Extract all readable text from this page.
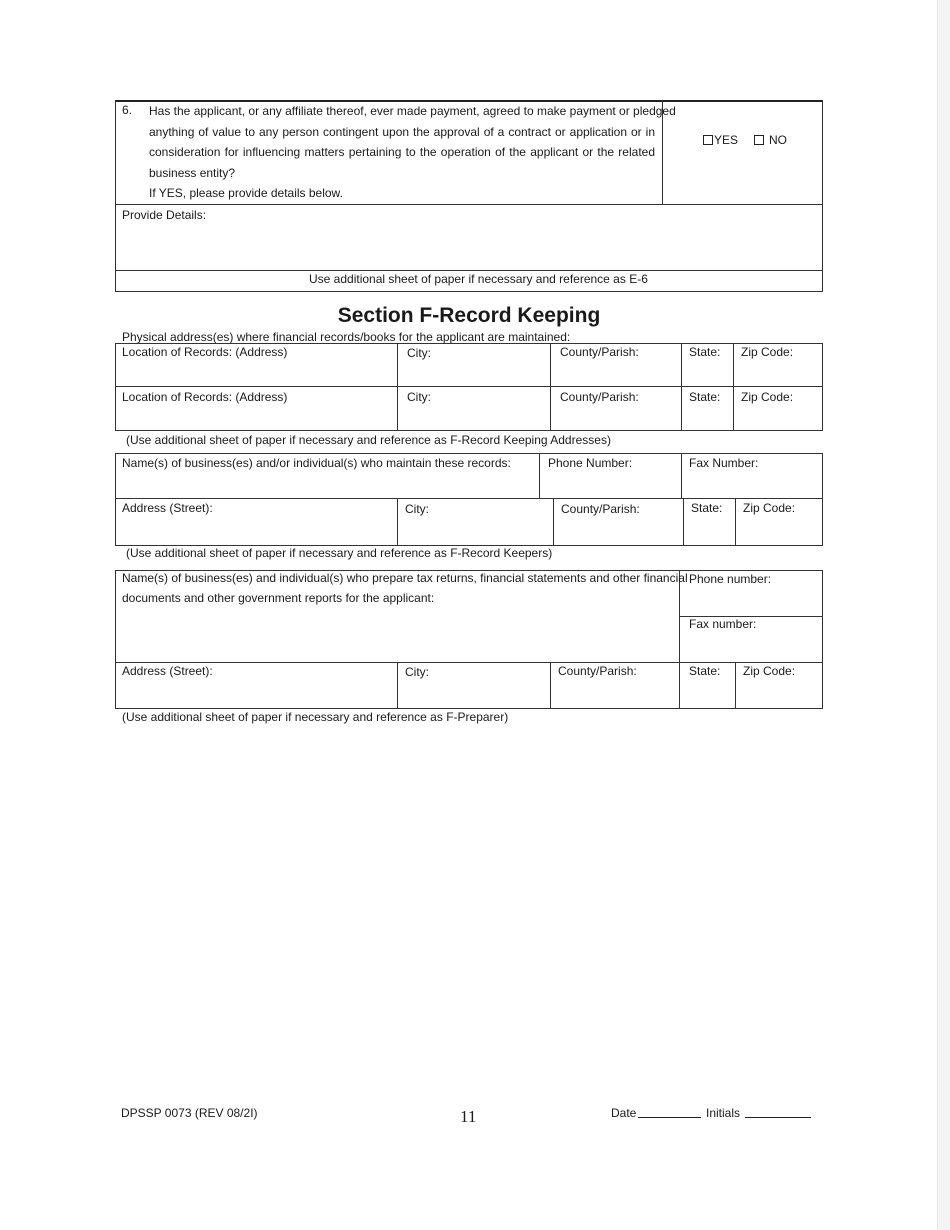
6. Has the applicant, or any affiliate thereof, ever made payment, agreed to make payment or pledged
anything of value to any person contingent upon the approval of a contract or application or in
consideration for influencing matters pertaining to the operation of the applicant or the related
business entity?
If YES, please provide details below.
YES	NO
Provide Details:
Use additional sheet of paper if necessary and reference as E-6
Section F-Record Keeping
Physical address(es) where financial records/books for the applicant are maintained:
Location of Records: (Address)	City:	County/Parish:	State: Zip Code:
Location of Records: (Address)	City:	County/Parish:	State: Zip Code:
(Use additional sheet of paper if necessary and reference as F-Record Keeping Addresses)
Name(s) of business(es) and/or individual(s) who maintain these records:	Phone Number:	Fax Number:
Address (Street):	City:	County/Parish:	State: Zip Code:
(Use additional sheet of paper if necessary and reference as F-Record Keepers)
Name(s) of business(es) and individual(s) who prepare tax returns, financial statements and other financial
documents and other government reports for the applicant:
Phone number:
Fax number:
Address (Street):	City:	County/Parish:	State: Zip Code:
(Use additional sheet of paper if necessary and reference as F-Preparer)
DPSSP 0073 (REV 08/2I)	11	Date	Initials
